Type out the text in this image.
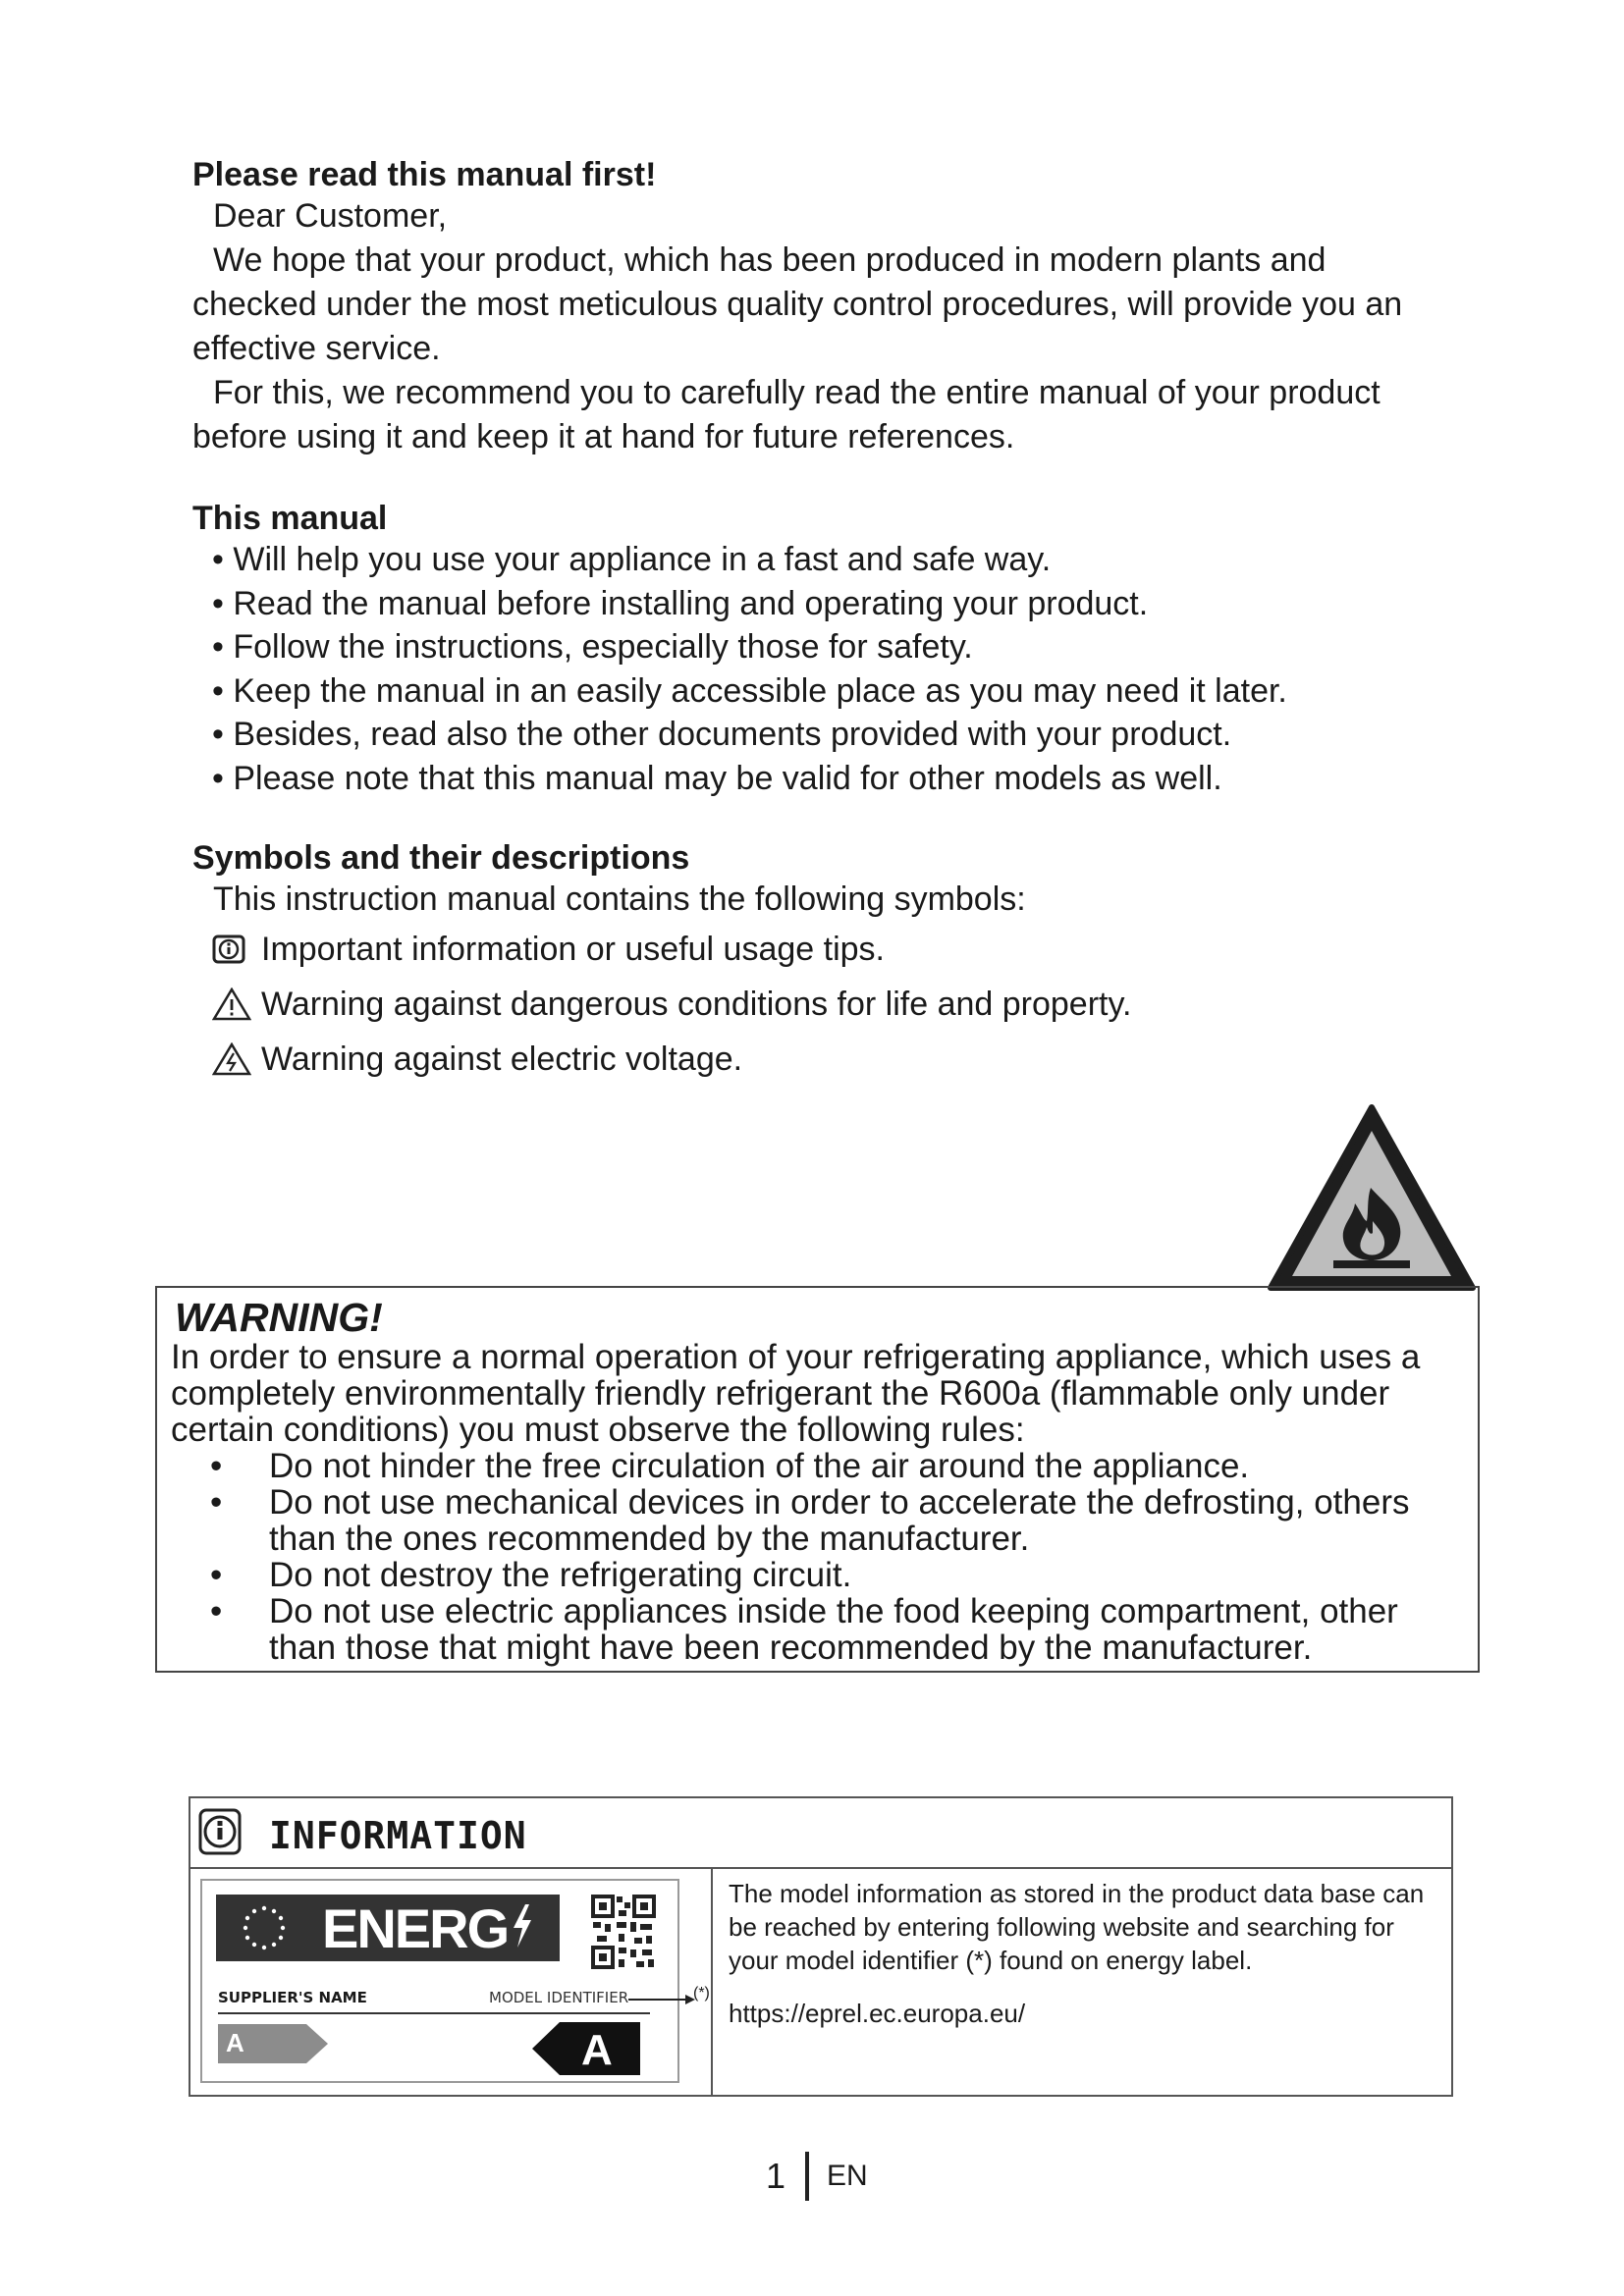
Please read this manual first!

Dear Customer,

We hope that your product, which has been produced in modern plants and checked under the most meticulous quality control procedures, will provide you an effective service.

For this, we recommend you to carefully read the entire manual of your product before using it and keep it at hand for future references.

This manual

• Will help you use your appliance in a fast and safe way.
• Read the manual before installing and operating your product.
• Follow the instructions, especially those for safety.
• Keep the manual in an easily accessible place as you may need it later.
• Besides, read also the other documents provided with your product.
• Please note that this manual may be valid for other models as well.

Symbols and their descriptions

This instruction manual contains the following symbols:

Important information or useful usage tips.
Warning against dangerous conditions for life and property.
Warning against electric voltage.
WARNING!
In order to ensure a normal operation of your refrigerating appliance, which uses a completely environmentally friendly refrigerant the R600a (flammable only under certain conditions) you must observe the following rules:
• Do not hinder the free circulation of the air around the appliance.
• Do not use mechanical devices in order to accelerate the defrosting, others than the ones recommended by the manufacturer.
• Do not destroy the refrigerating circuit.
• Do not use electric appliances inside the food keeping compartment, other than those that might have been recommended by the manufacturer.
INFORMATION
ENERG
SUPPLIER'S NAME	MODEL IDENTIFIER
A	A
(*)
The model information as stored in the product data base can be reached by entering following website and searching for your model identifier (*) found on energy label.
https://eprel.ec.europa.eu/
1 EN
